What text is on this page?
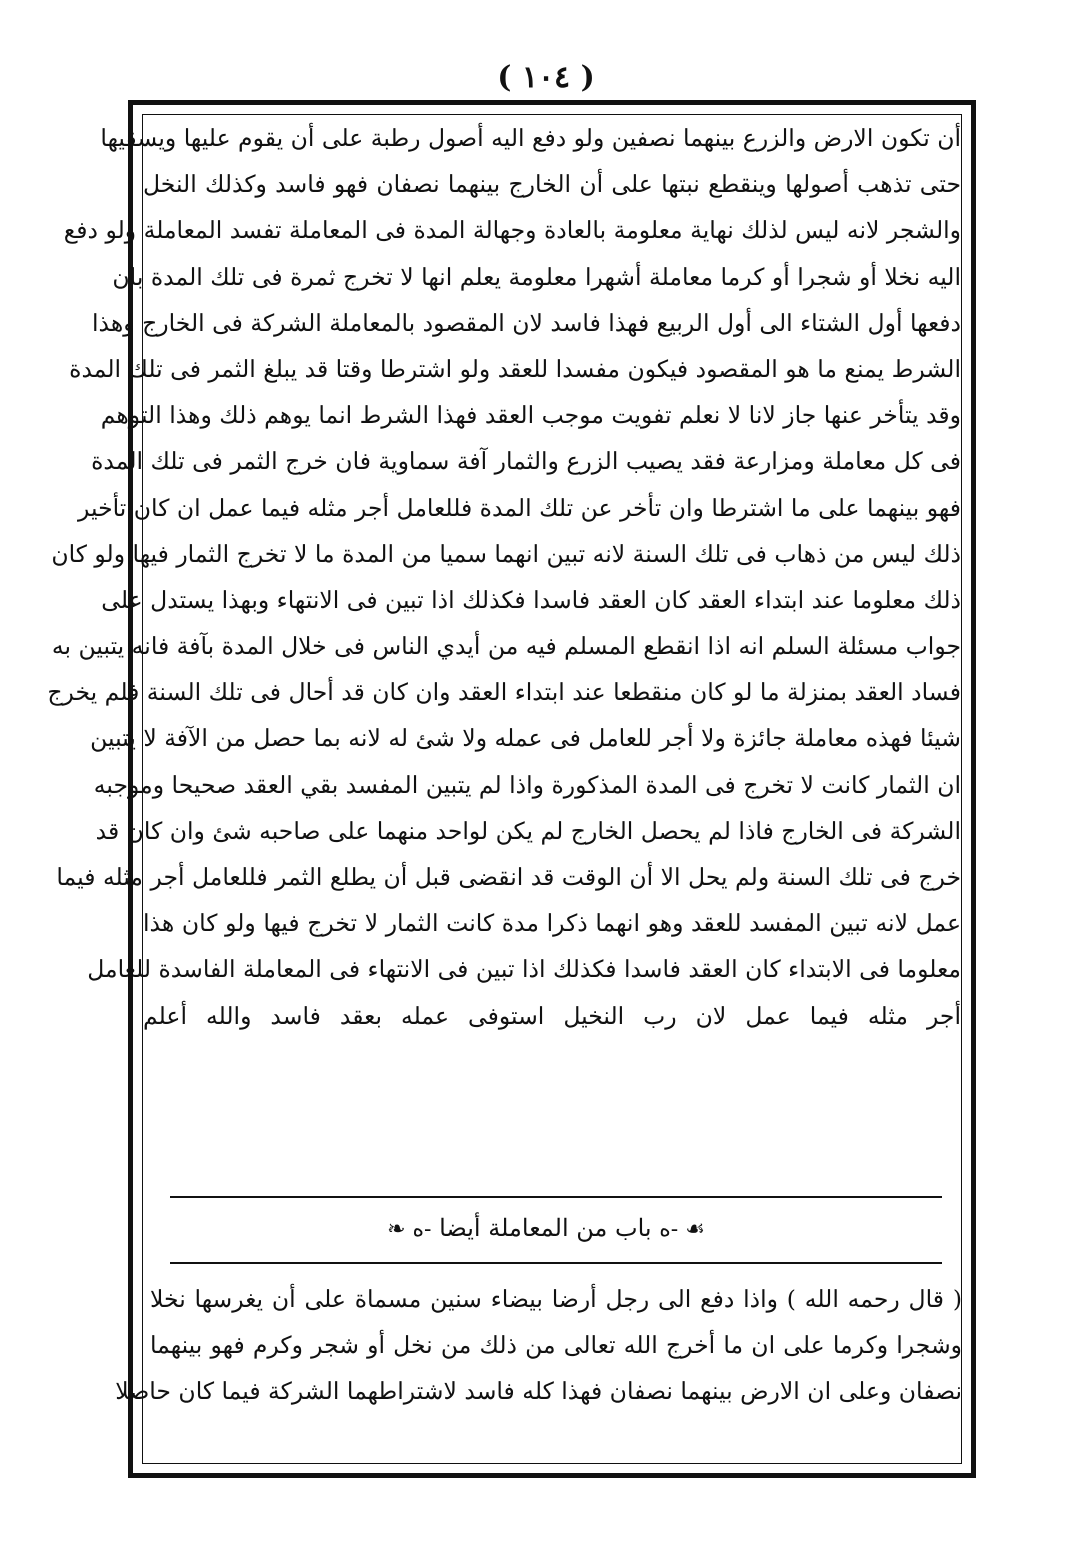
( ١٠٤ )
أن تكون الارض والزرع بينهما نصفين ولو دفع اليه أصول رطبة على أن يقوم عليها ويسقيها
حتى تذهب أصولها وينقطع نبتها على أن الخارج بينهما نصفان فهو فاسد وكذلك النخل
والشجر لانه ليس لذلك نهاية معلومة بالعادة وجهالة المدة فى المعاملة تفسد المعاملة ولو دفع
اليه نخلا أو شجرا أو كرما معاملة أشهرا معلومة يعلم انها لا تخرج ثمرة فى تلك المدة بان
دفعها أول الشتاء الى أول الربيع فهذا فاسد لان المقصود بالمعاملة الشركة فى الخارج وهذا
الشرط يمنع ما هو المقصود فيكون مفسدا للعقد ولو اشترطا وقتا قد يبلغ الثمر فى تلك المدة
وقد يتأخر عنها جاز لانا لا نعلم تفويت موجب العقد فهذا الشرط انما يوهم ذلك وهذا التوهم
فى كل معاملة ومزارعة فقد يصيب الزرع والثمار آفة سماوية فان خرج الثمر فى تلك المدة
فهو بينهما على ما اشترطا وان تأخر عن تلك المدة فللعامل أجر مثله فيما عمل ان كان تأخير
ذلك ليس من ذهاب فى تلك السنة لانه تبين انهما سميا من المدة ما لا تخرج الثمار فيها ولو كان
ذلك معلوما عند ابتداء العقد كان العقد فاسدا فكذلك اذا تبين فى الانتهاء وبهذا يستدل على
جواب مسئلة السلم انه اذا انقطع المسلم فيه من أيدي الناس فى خلال المدة بآفة فانه يتبين به
فساد العقد بمنزلة ما لو كان منقطعا عند ابتداء العقد وان كان قد أحال فى تلك السنة فلم يخرج
شيئا فهذه معاملة جائزة ولا أجر للعامل فى عمله ولا شئ له لانه بما حصل من الآفة لا يتبين
ان الثمار كانت لا تخرج فى المدة المذكورة واذا لم يتبين المفسد بقي العقد صحيحا وموجبه
الشركة فى الخارج فاذا لم يحصل الخارج لم يكن لواحد منهما على صاحبه شئ وان كان قد
خرج فى تلك السنة ولم يحل الا أن الوقت قد انقضى قبل أن يطلع الثمر فللعامل أجر مثله فيما
عمل لانه تبين المفسد للعقد وهو انهما ذكرا مدة كانت الثمار لا تخرج فيها ولو كان هذا
معلوما فى الابتداء كان العقد فاسدا فكذلك اذا تبين فى الانتهاء فى المعاملة الفاسدة للعامل
أجر مثله فيما عمل لان رب النخيل استوفى عمله بعقد فاسد والله أعلم
☙ -ه باب من المعاملة أيضا -ه ❧
( قال رحمه الله ) واذا دفع الى رجل أرضا بيضاء سنين مسماة على أن يغرسها نخلا
وشجرا وكرما على ان ما أخرج الله تعالى من ذلك من نخل أو شجر وكرم فهو بينهما
نصفان وعلى ان الارض بينهما نصفان فهذا كله فاسد لاشتراطهما الشركة فيما كان حاصلا
